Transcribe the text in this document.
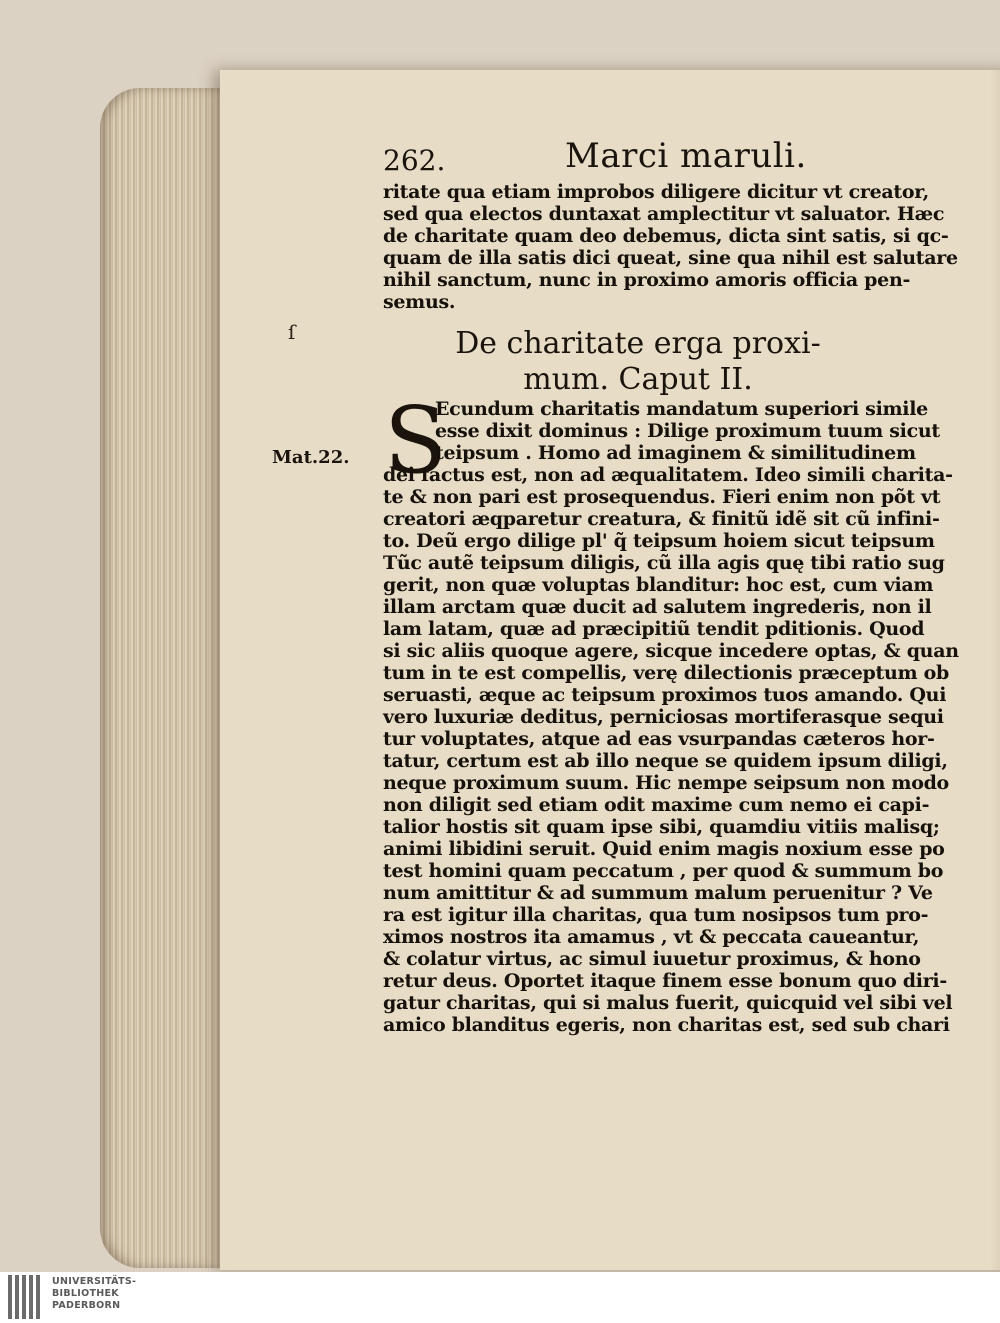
262.	Marci maruli.
ritate qua etiam improbos diligere dicitur vt creator,
sed qua electos duntaxat amplectitur vt saluator. Hæc
de charitate quam deo debemus, dicta sint satis, si qc-
quam de illa satis dici queat, sine qua nihil est salutare
nihil sanctum, nunc in proximo amoris officia pen-
semus.
ſ	De charitate erga proxi-
mum. Caput II.
S
Mat.22.
Ecundum charitatis mandatum superiori simile
esse dixit dominus : Dilige proximum tuum sicut
teipsum . Homo ad imaginem & similitudinem
dei factus est, non ad æqualitatem. Ideo simili charita-
te & non pari est prosequendus. Fieri enim non põt vt
creatori æqparetur creatura, & finitũ idẽ sit cũ infini-
to. Deũ ergo dilige pl' q̃ teipsum hoiem sicut teipsum
Tũc autẽ teipsum diligis, cũ illa agis quę tibi ratio sug
gerit, non quæ voluptas blanditur: hoc est, cum viam
illam arctam quæ ducit ad salutem ingrederis, non il
lam latam, quæ ad præcipitiũ tendit pditionis. Quod
si sic aliis quoque agere, sicque incedere optas, & quan
tum in te est compellis, verę dilectionis præceptum ob
seruasti, æque ac teipsum proximos tuos amando. Qui
vero luxuriæ deditus, perniciosas mortiferasque sequi
tur voluptates, atque ad eas vsurpandas cæteros hor-
tatur, certum est ab illo neque se quidem ipsum diligi,
neque proximum suum. Hic nempe seipsum non modo
non diligit sed etiam odit maxime cum nemo ei capi-
talior hostis sit quam ipse sibi, quamdiu vitiis malisq;
animi libidini seruit. Quid enim magis noxium esse po
test homini quam peccatum , per quod & summum bo
num amittitur & ad summum malum peruenitur ? Ve
ra est igitur illa charitas, qua tum nosipsos tum pro-
ximos nostros ita amamus , vt & peccata caueantur,
& colatur virtus, ac simul iuuetur proximus, & hono
retur deus. Oportet itaque finem esse bonum quo diri-
gatur charitas, qui si malus fuerit, quicquid vel sibi vel
amico blanditus egeris, non charitas est, sed sub chari
UNIVERSITÄTS-
BIBLIOTHEK
PADERBORN
